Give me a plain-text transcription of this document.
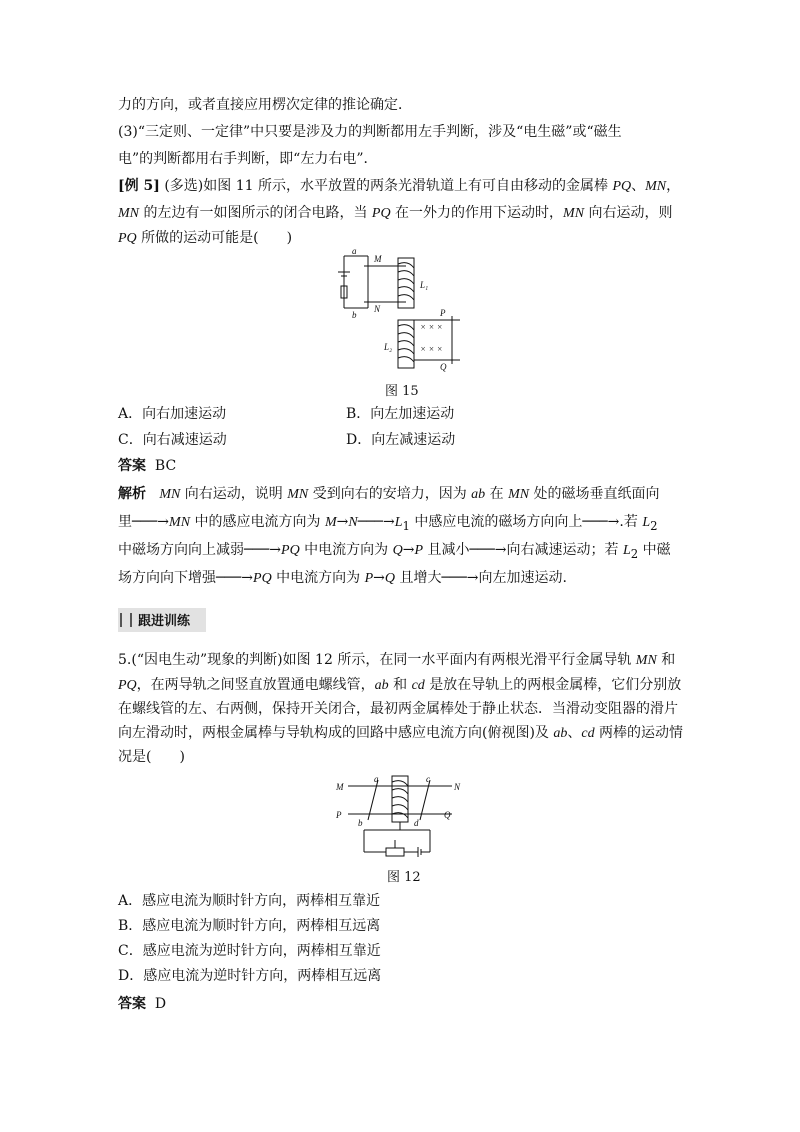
力的方向，或者直接应用楞次定律的推论确定．
(3)“三定则、一定律”中只要是涉及力的判断都用左手判断，涉及“电生磁”或“磁生
电”的判断都用右手判断，即“左力右电”．
[例 5] (多选)如图 11 所示，水平放置的两条光滑轨道上有可自由移动的金属棒 PQ、MN，
MN 的左边有一如图所示的闭合电路，当 PQ 在一外力的作用下运动时，MN 向右运动，则
PQ 所做的运动可能是(　　)
× × ×
× × ×
a
b
M
N
L₁
L₂
P
Q
图 15
A．向右加速运动	B．向左加速运动
C．向右减速运动	D．向左减速运动
答案 BC
解析 MN 向右运动，说明 MN 受到向右的安培力，因为 ab 在 MN 处的磁场垂直纸面向
里───→MN 中的感应电流方向为 $M\to N───\to L_1$ 中感应电流的磁场方向向上───→.若 $L_2$
中磁场方向向上减弱───→PQ 中电流方向为 Q→P 且减小───→向右减速运动；若 $L_2$ 中磁
场方向向下增强───→PQ 中电流方向为 P→Q 且增大───→向左加速运动.
跟进训练
5.(“因电生动”现象的判断)如图 12 所示，在同一水平面内有两根光滑平行金属导轨 MN 和
PQ，在两导轨之间竖直放置通电螺线管，ab 和 cd 是放在导轨上的两根金属棒，它们分别放
在螺线管的左、右两侧，保持开关闭合，最初两金属棒处于静止状态．当滑动变阻器的滑片
向左滑动时，两根金属棒与导轨构成的回路中感应电流方向(俯视图)及 ab、cd 两棒的运动情
况是(　　)
M	N
P	Q
a
b
c
d
图 12
A．感应电流为顺时针方向，两棒相互靠近
B．感应电流为顺时针方向，两棒相互远离
C．感应电流为逆时针方向，两棒相互靠近
D．感应电流为逆时针方向，两棒相互远离
答案 D
